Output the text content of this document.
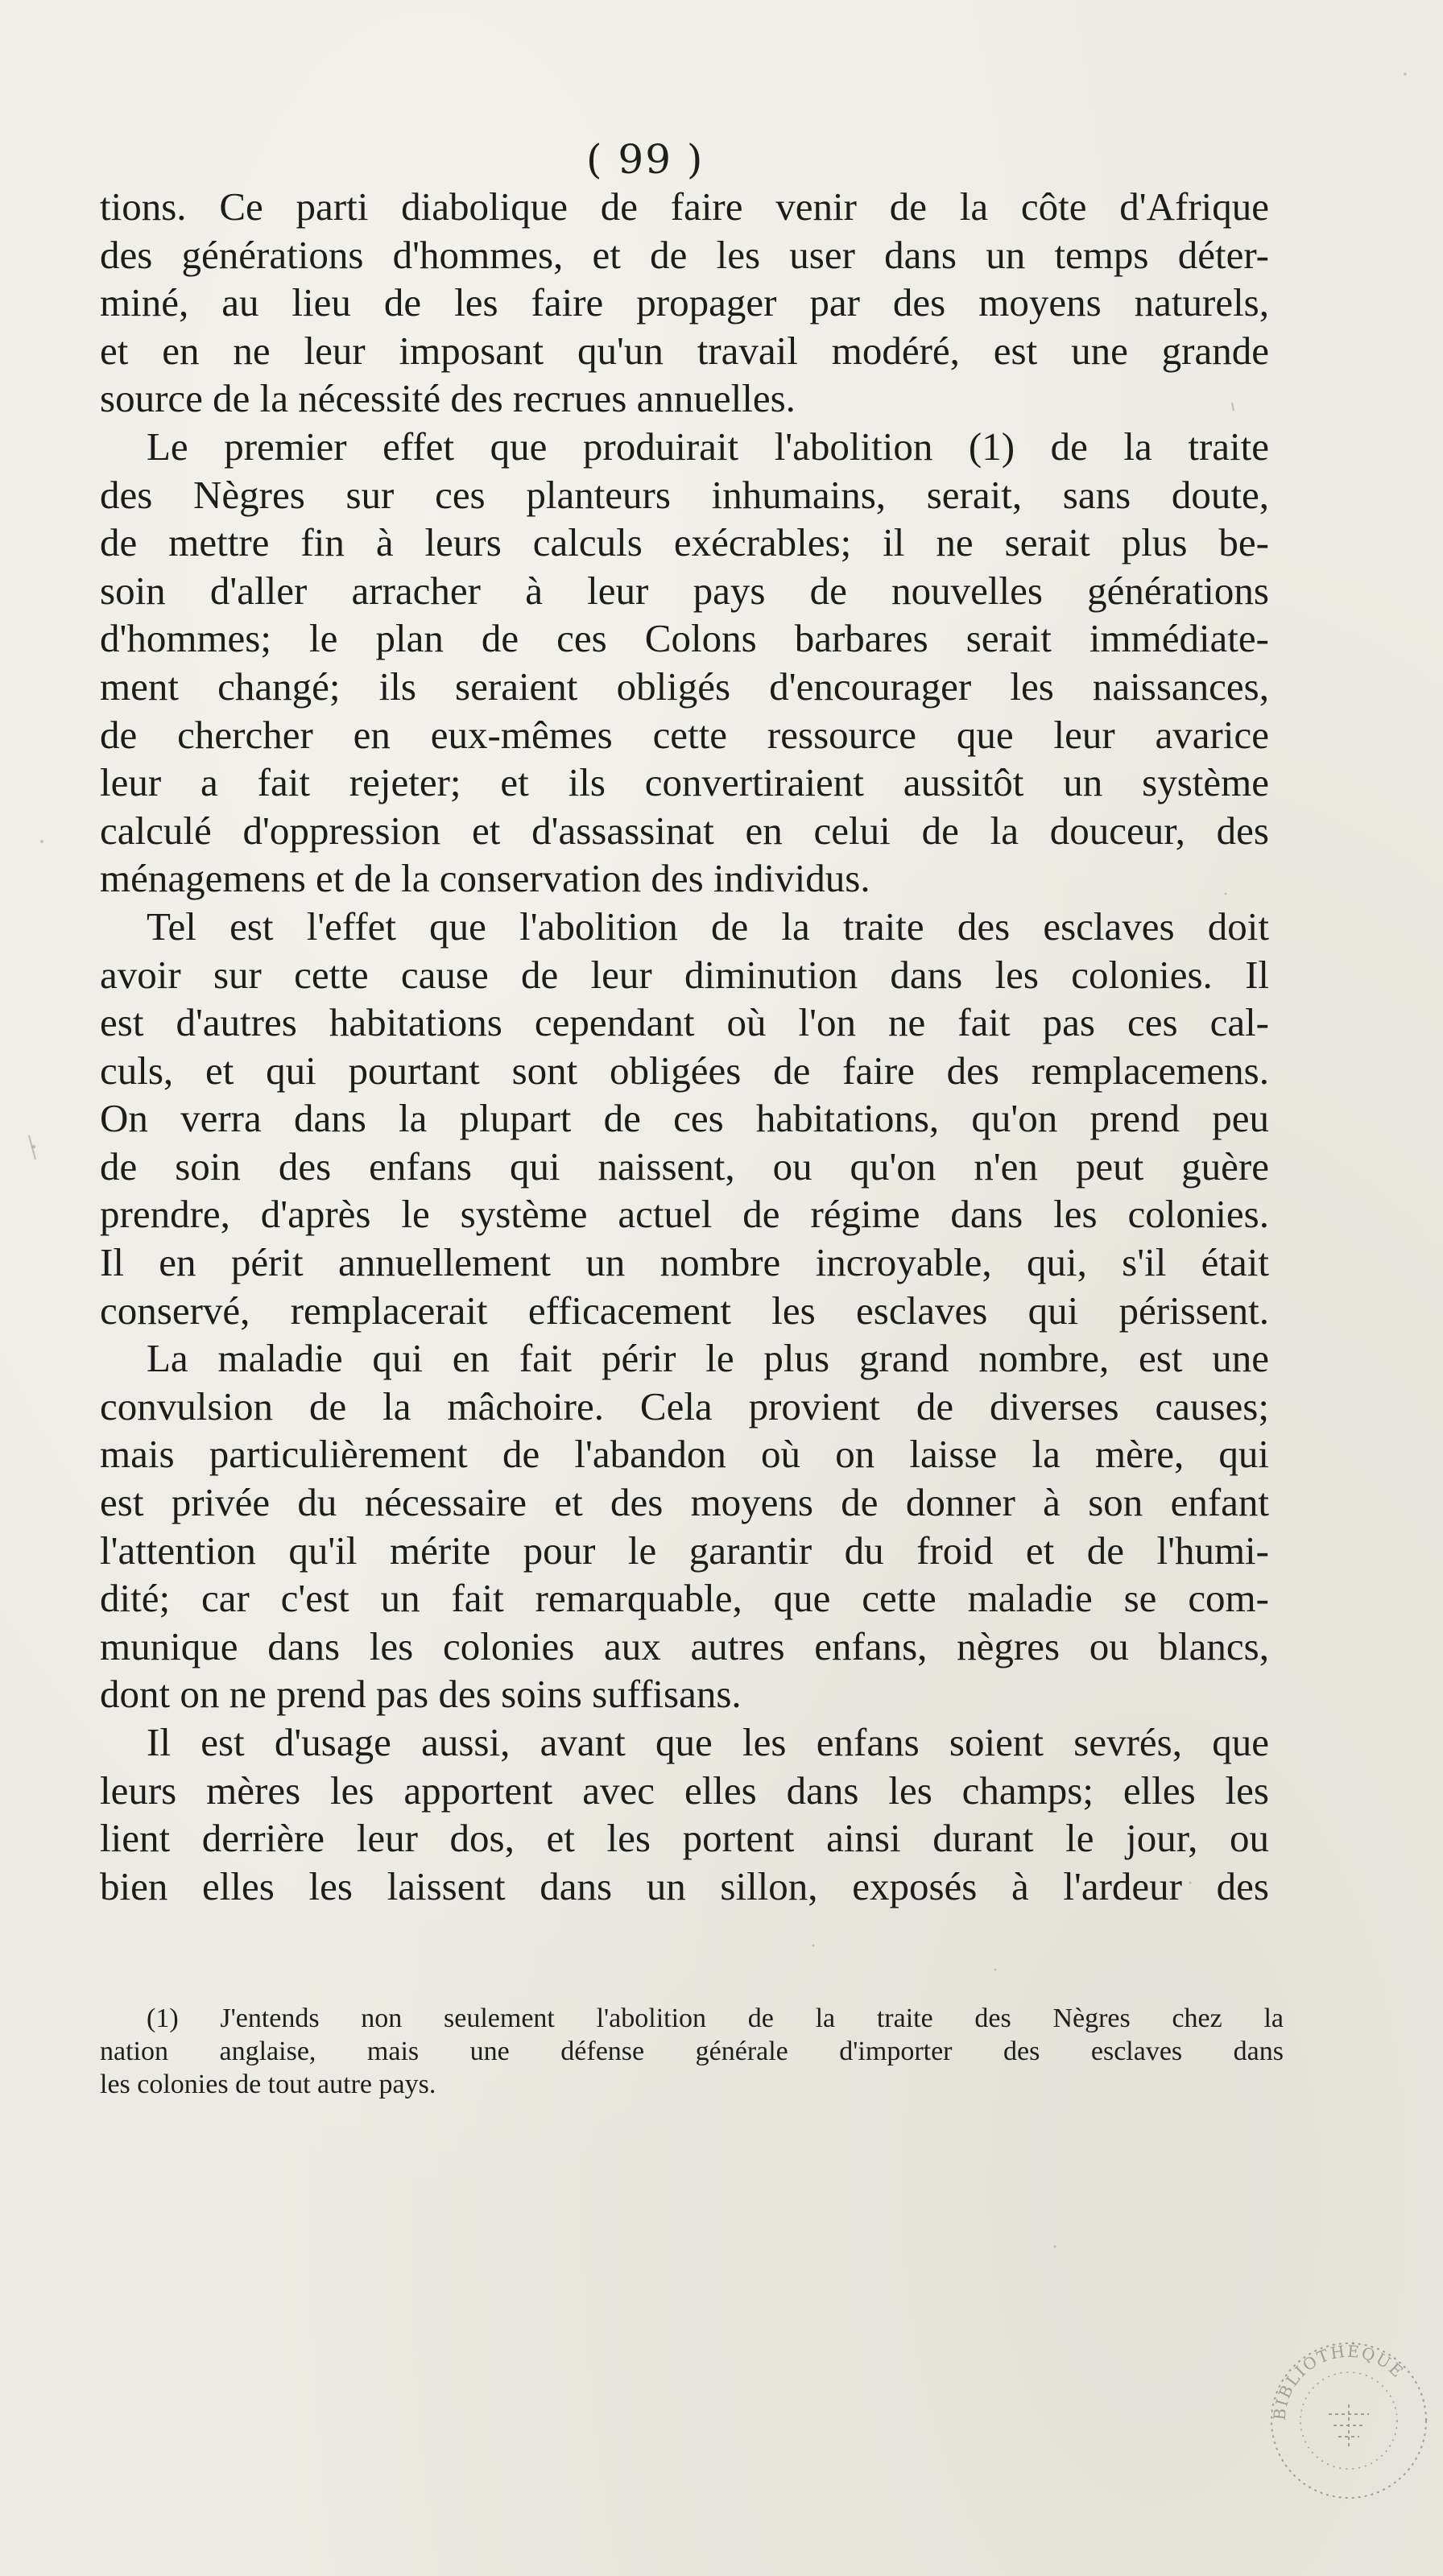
( 99 )
tions. Ce parti diabolique de faire venir de la côte d'Afrique
des générations d'hommes, et de les user dans un temps déter-
miné, au lieu de les faire propager par des moyens naturels,
et en ne leur imposant qu'un travail modéré, est une grande
source de la nécessité des recrues annuelles.
Le premier effet que produirait l'abolition (1) de la traite
des Nègres sur ces planteurs inhumains, serait, sans doute,
de mettre fin à leurs calculs exécrables; il ne serait plus be-
soin d'aller arracher à leur pays de nouvelles générations
d'hommes; le plan de ces Colons barbares serait immédiate-
ment changé; ils seraient obligés d'encourager les naissances,
de chercher en eux-mêmes cette ressource que leur avarice
leur a fait rejeter; et ils convertiraient aussitôt un système
calculé d'oppression et d'assassinat en celui de la douceur, des
ménagemens et de la conservation des individus.
Tel est l'effet que l'abolition de la traite des esclaves doit
avoir sur cette cause de leur diminution dans les colonies. Il
est d'autres habitations cependant où l'on ne fait pas ces cal-
culs, et qui pourtant sont obligées de faire des remplacemens.
On verra dans la plupart de ces habitations, qu'on prend peu
de soin des enfans qui naissent, ou qu'on n'en peut guère
prendre, d'après le système actuel de régime dans les colonies.
Il en périt annuellement un nombre incroyable, qui, s'il était
conservé, remplacerait efficacement les esclaves qui périssent.
La maladie qui en fait périr le plus grand nombre, est une
convulsion de la mâchoire. Cela provient de diverses causes;
mais particulièrement de l'abandon où on laisse la mère, qui
est privée du nécessaire et des moyens de donner à son enfant
l'attention qu'il mérite pour le garantir du froid et de l'humi-
dité; car c'est un fait remarquable, que cette maladie se com-
munique dans les colonies aux autres enfans, nègres ou blancs,
dont on ne prend pas des soins suffisans.
Il est d'usage aussi, avant que les enfans soient sevrés, que
leurs mères les apportent avec elles dans les champs; elles les
lient derrière leur dos, et les portent ainsi durant le jour, ou
bien elles les laissent dans un sillon, exposés à l'ardeur des
(1) J'entends non seulement l'abolition de la traite des Nègres chez la
nation anglaise, mais une défense générale d'importer des esclaves dans
les colonies de tout autre pays.
BIBLIOTHÈQUE
